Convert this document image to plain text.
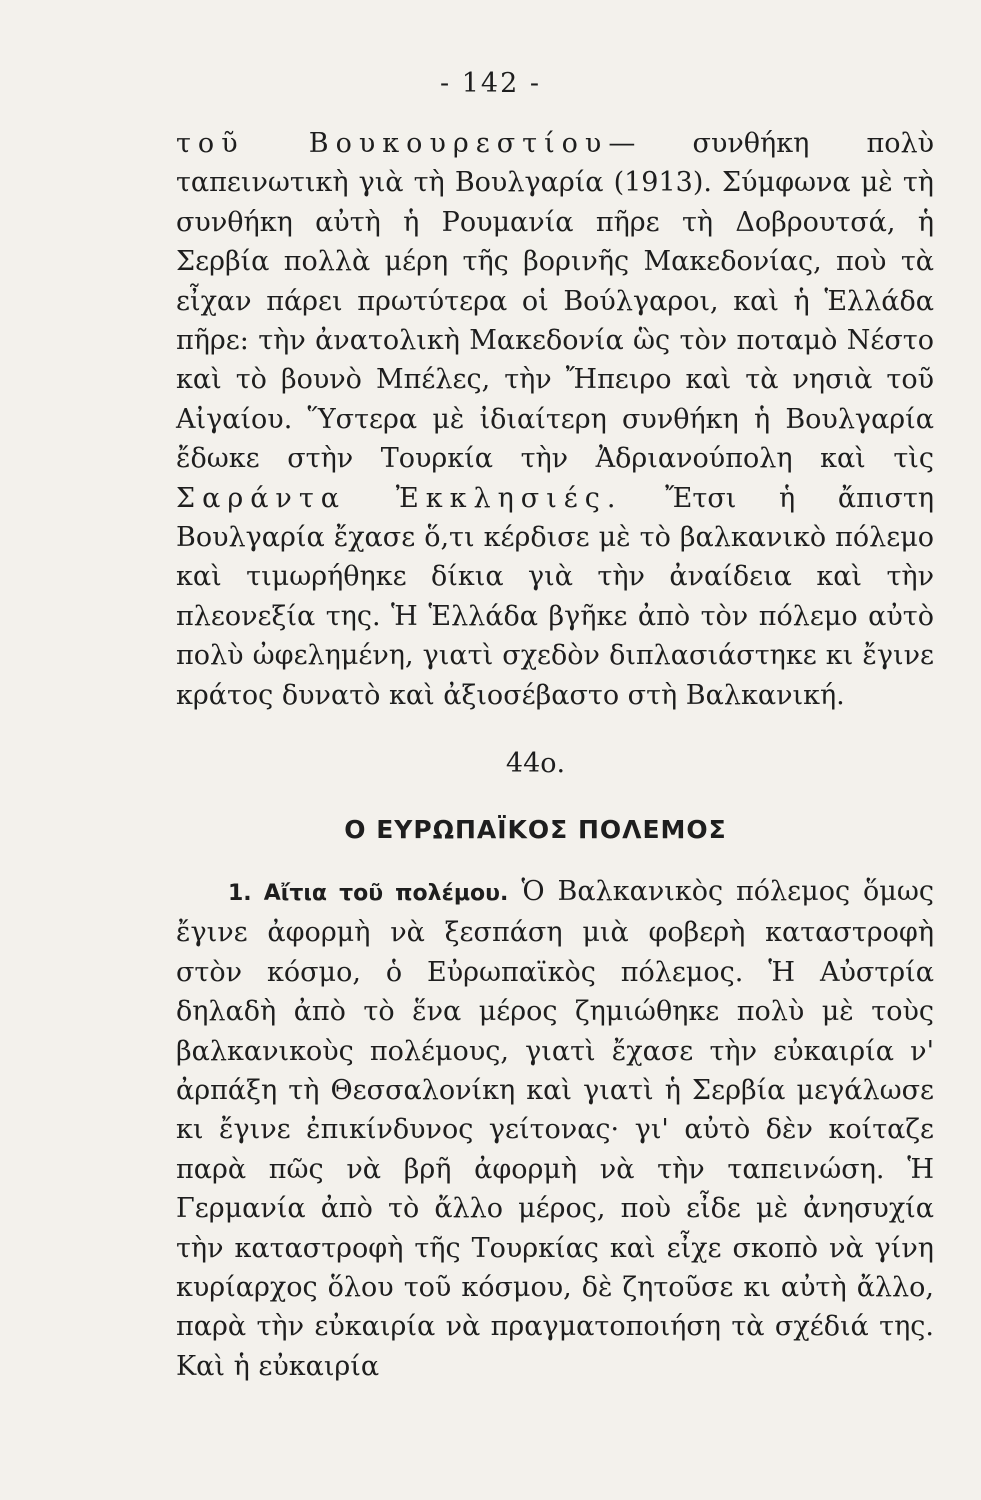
- 142 -
τοῦ Βουκουρεστίου— συνθήκη πολὺ ταπεινωτικὴ γιὰ τὴ Βουλγαρία (1913). Σύμφωνα μὲ τὴ συνθήκη αὐτὴ ἡ Ρουμανία πῆρε τὴ Δοβρουτσά, ἡ Σερβία πολλὰ μέρη τῆς βορινῆς Μακεδονίας, ποὺ τὰ εἶχαν πάρει πρωτύτερα οἱ Βούλγαροι, καὶ ἡ Ἑλλάδα πῆρε: τὴν ἀνατολικὴ Μακεδονία ὣς τὸν ποταμὸ Νέστο καὶ τὸ βουνὸ Μπέλες, τὴν Ἤπειρο καὶ τὰ νησιὰ τοῦ Αἰγαίου. Ὕστερα μὲ ἰδιαίτερη συνθήκη ἡ Βουλγαρία ἔδωκε στὴν Τουρκία τὴν Ἀδριανούπολη καὶ τὶς Σαράντα Ἐκκλησιές. Ἔτσι ἡ ἄπιστη Βουλγαρία ἔχασε ὅ,τι κέρδισε μὲ τὸ βαλκανικὸ πόλεμο καὶ τιμωρήθηκε δίκια γιὰ τὴν ἀναίδεια καὶ τὴν πλεονεξία της. Ἡ Ἑλλάδα βγῆκε ἀπὸ τὸν πόλεμο αὐτὸ πολὺ ὠφελημένη, γιατὶ σχεδὸν διπλασιάστηκε κι ἔγινε κράτος δυνατὸ καὶ ἀξιοσέβαστο στὴ Βαλκανική.
44ο.
Ο ΕΥΡΩΠΑΪΚΟΣ ΠΟΛΕΜΟΣ
1. Αἴτια τοῦ πολέμου. Ὁ Βαλκανικὸς πόλεμος ὅμως ἔγινε ἀφορμὴ νὰ ξεσπάση μιὰ φοβερὴ καταστροφὴ στὸν κόσμο, ὁ Εὐρωπαϊκὸς πόλεμος. Ἡ Αὐστρία δηλαδὴ ἀπὸ τὸ ἕνα μέρος ζημιώθηκε πολὺ μὲ τοὺς βαλκανικοὺς πολέμους, γιατὶ ἔχασε τὴν εὐκαιρία ν' ἀρπάξη τὴ Θεσσαλονίκη καὶ γιατὶ ἡ Σερβία μεγάλωσε κι ἔγινε ἐπικίνδυνος γείτονας· γι' αὐτὸ δὲν κοίταζε παρὰ πῶς νὰ βρῆ ἀφορμὴ νὰ τὴν ταπεινώση. Ἡ Γερμανία ἀπὸ τὸ ἄλλο μέρος, ποὺ εἶδε μὲ ἀνησυχία τὴν καταστροφὴ τῆς Τουρκίας καὶ εἶχε σκοπὸ νὰ γίνη κυρίαρχος ὅλου τοῦ κόσμου, δὲ ζητοῦσε κι αὐτὴ ἄλλο, παρὰ τὴν εὐκαιρία νὰ πραγματοποιήση τὰ σχέδιά της. Καὶ ἡ εὐκαιρία
